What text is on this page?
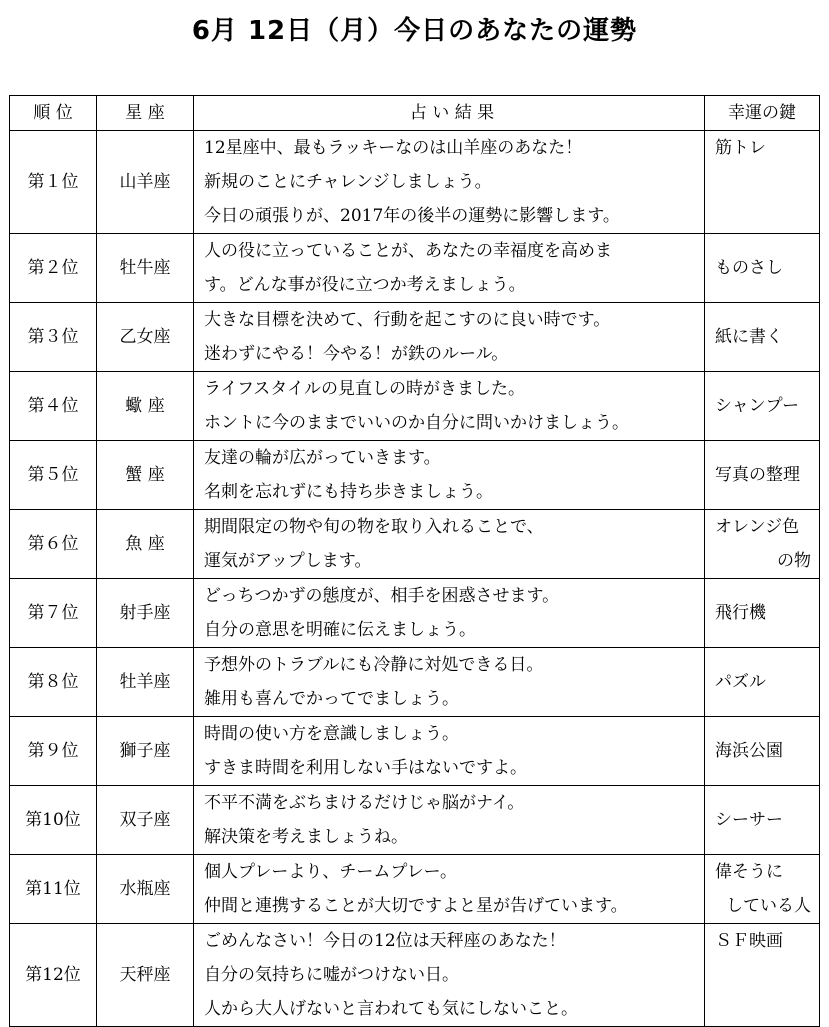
6月 12日（月）今日のあなたの運勢
順 位	星 座	占 い 結 果	幸運の鍵
第１位	山羊座	12星座中、最もラッキーなのは山羊座のあなた！
新規のことにチャレンジしましょう。
今日の頑張りが、2017年の後半の運勢に影響します。	筋トレ

第２位	牡牛座	人の役に立っていることが、あなたの幸福度を高めま
す。どんな事が役に立つか考えましょう。	ものさし

第３位	乙女座	大きな目標を決めて、行動を起こすのに良い時です。
迷わずにやる！今やる！が鉄のルール。	紙に書く

第４位	蠍 座	ライフスタイルの見直しの時がきました。
ホントに今のままでいいのか自分に問いかけましょう。	シャンプー

第５位	蟹 座	友達の輪が広がっていきます。
名刺を忘れずにも持ち歩きましょう。	写真の整理

第６位	魚 座	期間限定の物や旬の物を取り入れることで、
運気がアップします。	オレンジ色
の物

第７位	射手座	どっちつかずの態度が、相手を困惑させます。
自分の意思を明確に伝えましょう。	飛行機

第８位	牡羊座	予想外のトラブルにも冷静に対処できる日。
雑用も喜んでかってでましょう。	パズル

第９位	獅子座	時間の使い方を意識しましょう。
すきま時間を利用しない手はないですよ。	海浜公園

第10位	双子座	不平不満をぶちまけるだけじゃ脳がナイ。
解決策を考えましょうね。	シーサー

第11位	水瓶座	個人プレーより、チームプレー。
仲間と連携することが大切ですよと星が告げています。	偉そうに
している人

第12位	天秤座	ごめんなさい！今日の12位は天秤座のあなた！
自分の気持ちに嘘がつけない日。
人から大人げないと言われても気にしないこと。	ＳＦ映画
